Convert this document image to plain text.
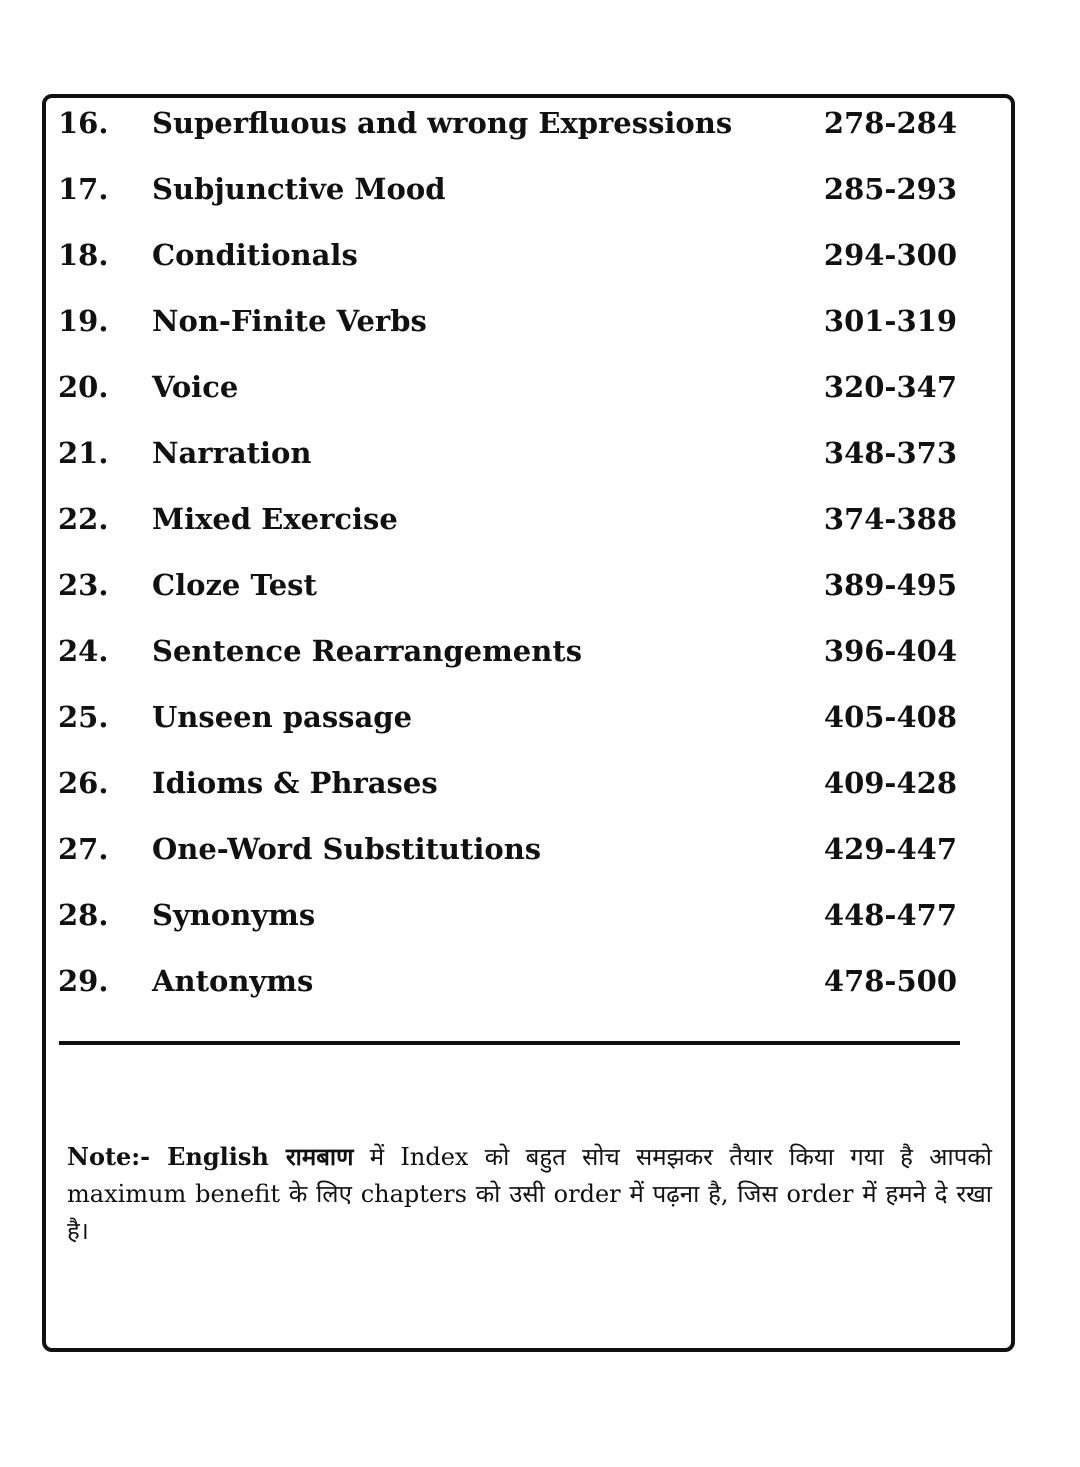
16. Superfluous and wrong Expressions	278-284
17. Subjunctive Mood	285-293
18. Conditionals	294-300
19. Non-Finite Verbs	301-319
20. Voice	320-347
21. Narration	348-373
22. Mixed Exercise	374-388
23. Cloze Test	389-495
24. Sentence Rearrangements	396-404
25. Unseen passage	405-408
26. Idioms & Phrases	409-428
27. One-Word Substitutions	429-447
28. Synonyms	448-477
29. Antonyms	478-500
Note:- English रामबाण में Index को बहुत सोच समझकर तैयार किया गया है आपको maximum benefit के लिए chapters को उसी order में पढ़ना है, जिस order में हमने दे रखा है।
